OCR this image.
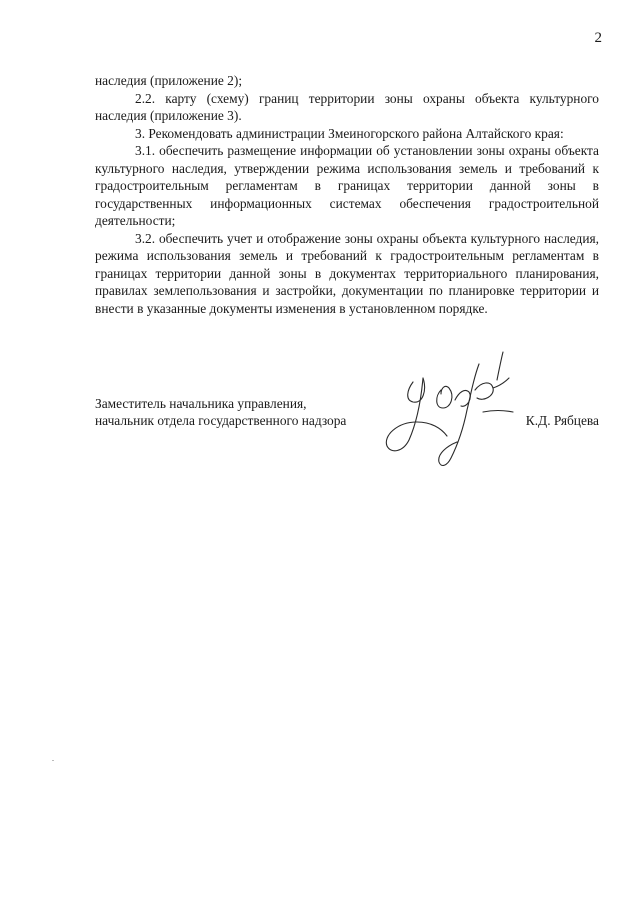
2

наследия (приложение 2);

2.2. карту (схему) границ территории зоны охраны объекта культурного наследия (приложение 3).

3. Рекомендовать администрации Змеиногорского района Алтайского края:

3.1. обеспечить размещение информации об установлении зоны охраны объекта культурного наследия, утверждении режима использования земель и требований к градостроительным регламентам в границах территории данной зоны в государственных информационных системах обеспечения градостроительной деятельности;

3.2. обеспечить учет и отображение зоны охраны объекта культурного наследия, режима использования земель и требований к градостроительным регламентам в границах территории данной зоны в документах территориального планирования, правилах землепользования и застройки, документации по планировке территории и внести в указанные документы изменения в установленном порядке.

Заместитель начальника управления,
начальник отдела государственного надзора	К.Д. Рябцева
